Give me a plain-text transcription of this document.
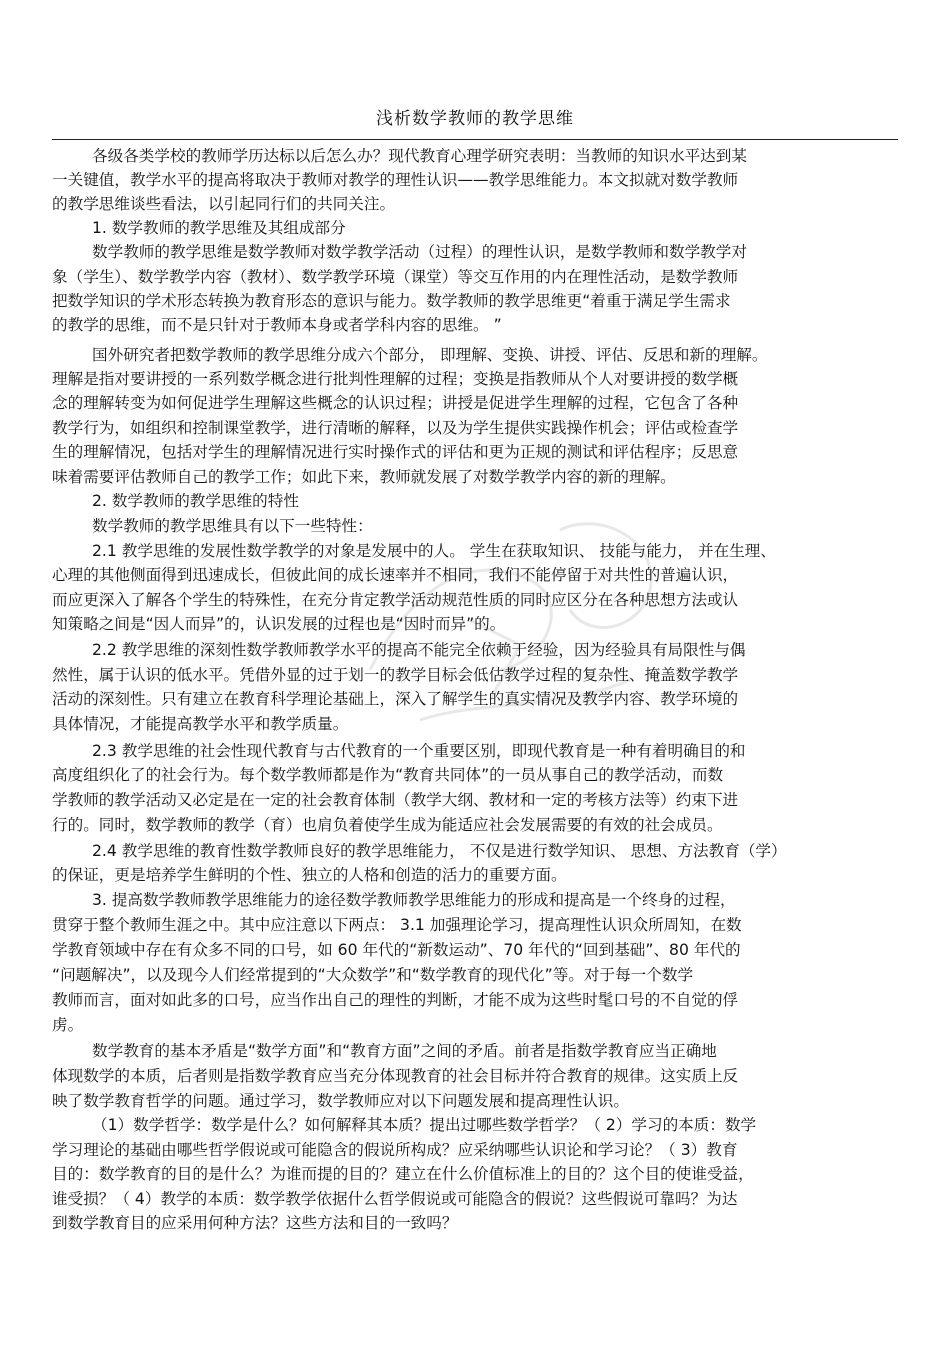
浅析数学教师的教学思维
各级各类学校的教师学历达标以后怎么办？现代教育心理学研究表明：当教师的知识水平达到某
一关键值，教学水平的提高将取决于教师对教学的理性认识——教学思维能力。本文拟就对数学教师
的教学思维谈些看法，以引起同行们的共同关注。
1. 数学教师的教学思维及其组成部分
数学教师的教学思维是数学教师对数学教学活动（过程）的理性认识，是数学教师和数学教学对
象（学生）、数学教学内容（教材）、数学教学环境（课堂）等交互作用的内在理性活动，是数学教师
把数学知识的学术形态转换为教育形态的意识与能力。数学教师的教学思维更“着重于满足学生需求
的教学的思维，而不是只针对于教师本身或者学科内容的思维。 ”
国外研究者把数学教师的教学思维分成六个部分， 即理解、变换、讲授、评估、反思和新的理解。
理解是指对要讲授的一系列数学概念进行批判性理解的过程；变换是指教师从个人对要讲授的数学概
念的理解转变为如何促进学生理解这些概念的认识过程；讲授是促进学生理解的过程，它包含了各种
教学行为，如组织和控制课堂教学，进行清晰的解释，以及为学生提供实践操作机会；评估或检查学
生的理解情况，包括对学生的理解情况进行实时操作式的评估和更为正规的测试和评估程序；反思意
味着需要评估教师自己的教学工作；如此下来，教师就发展了对数学教学内容的新的理解。
2. 数学教师的教学思维的特性
数学教师的教学思维具有以下一些特性：
2.1 教学思维的发展性数学教学的对象是发展中的人。 学生在获取知识、 技能与能力， 并在生理、
心理的其他侧面得到迅速成长，但彼此间的成长速率并不相同，我们不能停留于对共性的普遍认识，
而应更深入了解各个学生的特殊性，在充分肯定教学活动规范性质的同时应区分在各种思想方法或认
知策略之间是“因人而异”的，认识发展的过程也是“因时而异”的。
2.2 教学思维的深刻性数学教师教学水平的提高不能完全依赖于经验，因为经验具有局限性与偶
然性，属于认识的低水平。凭借外显的过于划一的教学目标会低估教学过程的复杂性、掩盖数学教学
活动的深刻性。只有建立在教育科学理论基础上，深入了解学生的真实情况及教学内容、教学环境的
具体情况，才能提高教学水平和教学质量。
2.3 教学思维的社会性现代教育与古代教育的一个重要区别，即现代教育是一种有着明确目的和
高度组织化了的社会行为。每个数学教师都是作为“教育共同体”的一员从事自己的教学活动，而数
学教师的教学活动又必定是在一定的社会教育体制（教学大纲、教材和一定的考核方法等）约束下进
行的。同时，数学教师的教学（育）也肩负着使学生成为能适应社会发展需要的有效的社会成员。
2.4 教学思维的教育性数学教师良好的教学思维能力， 不仅是进行数学知识、 思想、方法教育（学）
的保证，更是培养学生鲜明的个性、独立的人格和创造的活力的重要方面。
3. 提高数学教师教学思维能力的途径数学教师教学思维能力的形成和提高是一个终身的过程，
贯穿于整个教师生涯之中。其中应注意以下两点： 3.1 加强理论学习，提高理性认识众所周知，在数
学教育领域中存在有众多不同的口号，如 60 年代的“新数运动”、70 年代的“回到基础”、80 年代的
“问题解决”，以及现今人们经常提到的“大众数学”和“数学教育的现代化”等。对于每一个数学
教师而言，面对如此多的口号，应当作出自己的理性的判断，才能不成为这些时髦口号的不自觉的俘
虏。
数学教育的基本矛盾是“数学方面”和“教育方面”之间的矛盾。前者是指数学教育应当正确地
体现数学的本质，后者则是指数学教育应当充分体现教育的社会目标并符合教育的规律。这实质上反
映了数学教育哲学的问题。通过学习，数学教师应对以下问题发展和提高理性认识。
（1）数学哲学：数学是什么？如何解释其本质？提出过哪些数学哲学？（ 2）学习的本质：数学
学习理论的基础由哪些哲学假说或可能隐含的假说所构成？应采纳哪些认识论和学习论？（ 3）教育
目的：数学教育的目的是什么？为谁而提的目的？建立在什么价值标准上的目的？这个目的使谁受益，
谁受损？（ 4）教学的本质：数学教学依据什么哲学假说或可能隐含的假说？这些假说可靠吗？为达
到数学教育目的应采用何种方法？这些方法和目的一致吗？
